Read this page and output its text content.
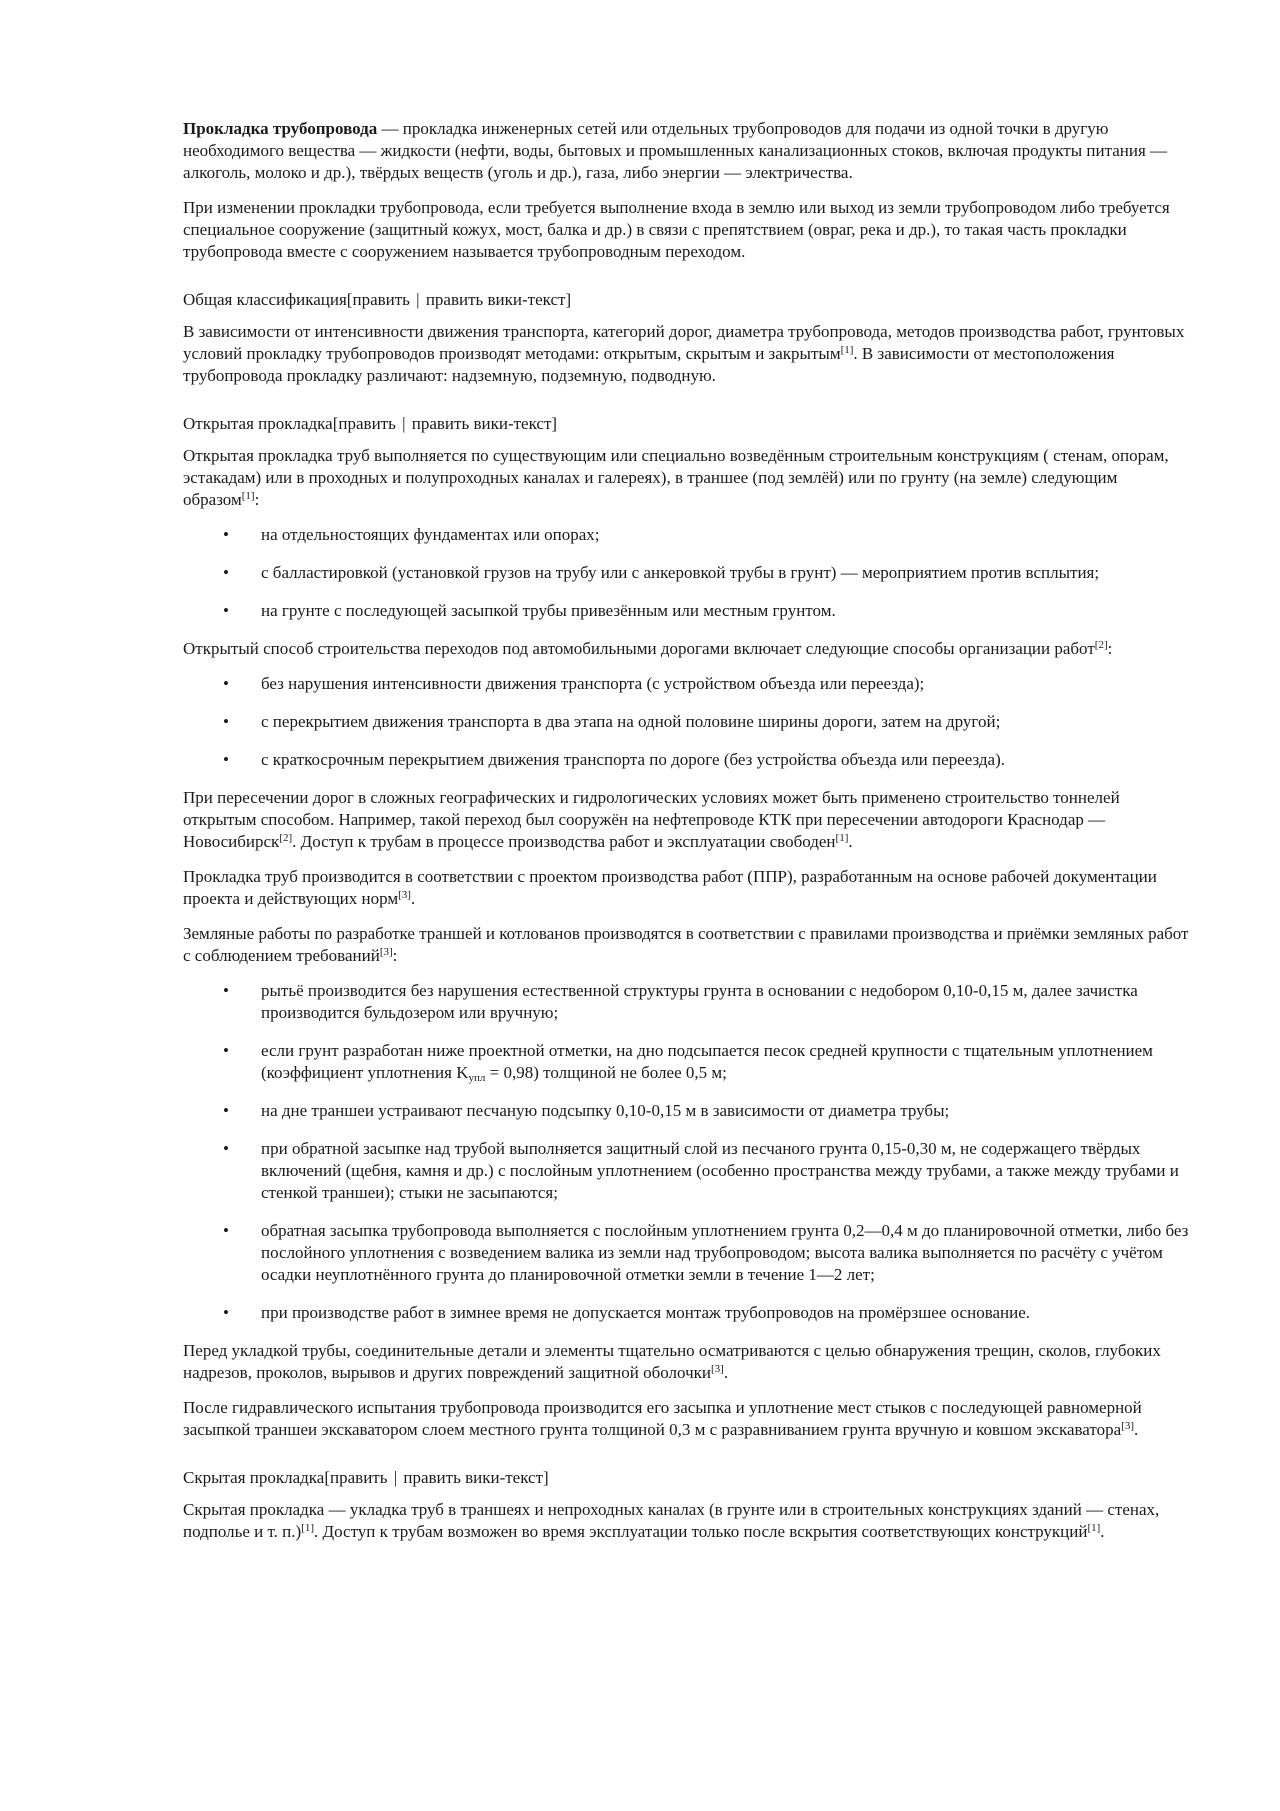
Прокладка трубопровода — прокладка инженерных сетей или отдельных трубопроводов для подачи из одной точки в другую необходимого вещества — жидкости (нефти, воды, бытовых и промышленных канализационных стоков, включая продукты питания — алкоголь, молоко и др.), твёрдых веществ (уголь и др.), газа, либо энергии — электричества.

При изменении прокладки трубопровода, если требуется выполнение входа в землю или выход из земли трубопроводом либо требуется специальное сооружение (защитный кожух, мост, балка и др.) в связи с препятствием (овраг, река и др.), то такая часть прокладки трубопровода вместе с сооружением называется трубопроводным переходом.

Общая классификация[править | править вики-текст]

В зависимости от интенсивности движения транспорта, категорий дорог, диаметра трубопровода, методов производства работ, грунтовых условий прокладку трубопроводов производят методами: открытым, скрытым и закрытым[1]. В зависимости от местоположения трубопровода прокладку различают: надземную, подземную, подводную.

Открытая прокладка[править | править вики-текст]

Открытая прокладка труб выполняется по существующим или специально возведённым строительным конструкциям ( стенам, опорам, эстакадам) или в проходных и полупроходных каналах и галереях), в траншее (под землёй) или по грунту (на земле) следующим образом[1]:

• на отдельностоящих фундаментах или опорах;
• с балластировкой (установкой грузов на трубу или с анкеровкой трубы в грунт) — мероприятием против всплытия;
• на грунте с последующей засыпкой трубы привезённым или местным грунтом.

Открытый способ строительства переходов под автомобильными дорогами включает следующие способы организации работ[2]:

• без нарушения интенсивности движения транспорта (с устройством объезда или переезда);
• с перекрытием движения транспорта в два этапа на одной половине ширины дороги, затем на другой;
• с краткосрочным перекрытием движения транспорта по дороге (без устройства объезда или переезда).

При пересечении дорог в сложных географических и гидрологических условиях может быть применено строительство тоннелей открытым способом. Например, такой переход был сооружён на нефтепроводе КТК при пересечении автодороги Краснодар — Новосибирск[2]. Доступ к трубам в процессе производства работ и эксплуатации свободен[1].

Прокладка труб производится в соответствии с проектом производства работ (ППР), разработанным на основе рабочей документации проекта и действующих норм[3].

Земляные работы по разработке траншей и котлованов производятся в соответствии с правилами производства и приёмки земляных работ с соблюдением требований[3]:

• рытьё производится без нарушения естественной структуры грунта в основании с недобором 0,10-0,15 м, далее зачистка производится бульдозером или вручную;
• если грунт разработан ниже проектной отметки, на дно подсыпается песок средней крупности с тщательным уплотнением (коэффициент уплотнения $K_{упл} = 0,98$) толщиной не более 0,5 м;
• на дне траншеи устраивают песчаную подсыпку 0,10-0,15 м в зависимости от диаметра трубы;
• при обратной засыпке над трубой выполняется защитный слой из песчаного грунта 0,15-0,30 м, не содержащего твёрдых включений (щебня, камня и др.) с послойным уплотнением (особенно пространства между трубами, а также между трубами и стенкой траншеи); стыки не засыпаются;
• обратная засыпка трубопровода выполняется с послойным уплотнением грунта 0,2—0,4 м до планировочной отметки, либо без послойного уплотнения с возведением валика из земли над трубопроводом; высота валика выполняется по расчёту с учётом осадки неуплотнённого грунта до планировочной отметки земли в течение 1—2 лет;
• при производстве работ в зимнее время не допускается монтаж трубопроводов на промёрзшее основание.

Перед укладкой трубы, соединительные детали и элементы тщательно осматриваются с целью обнаружения трещин, сколов, глубоких надрезов, проколов, вырывов и других повреждений защитной оболочки[3].

После гидравлического испытания трубопровода производится его засыпка и уплотнение мест стыков с последующей равномерной засыпкой траншеи экскаватором слоем местного грунта толщиной 0,3 м с разравниванием грунта вручную и ковшом экскаватора[3].

Скрытая прокладка[править | править вики-текст]

Скрытая прокладка — укладка труб в траншеях и непроходных каналах (в грунте или в строительных конструкциях зданий — стенах, подполье и т. п.)[1]. Доступ к трубам возможен во время эксплуатации только после вскрытия соответствующих конструкций[1].
